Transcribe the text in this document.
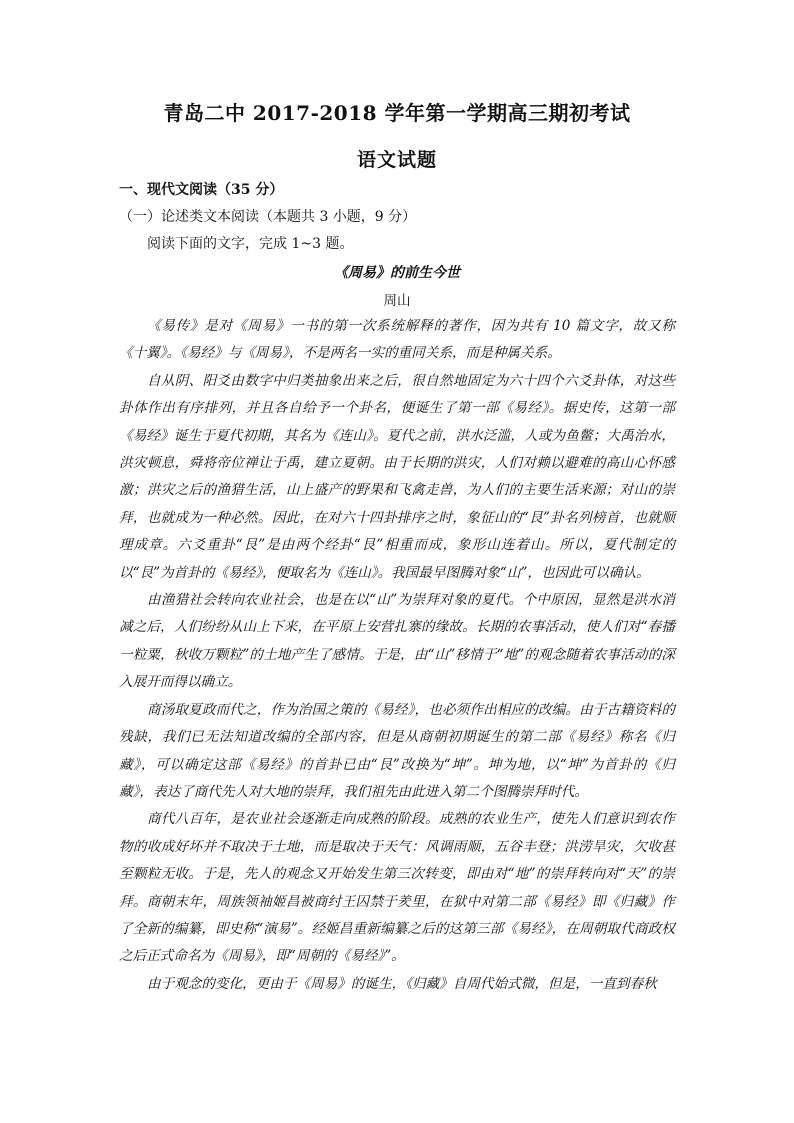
青岛二中 2017-2018 学年第一学期高三期初考试
语文试题
一、现代文阅读（35 分）
（一）论述类文本阅读（本题共 3 小题，9 分）
阅读下面的文字，完成 1~3 题。
《周易》的前生今世
周山

《易传》是对《周易》一书的第一次系统解释的著作，因为共有 10 篇文字，故又称《十翼》。《易经》与《周易》，不是两名一实的重同关系，而是种属关系。

自从阴、阳爻由数字中归类抽象出来之后，很自然地固定为六十四个六爻卦体，对这些卦体作出有序排列，并且各自给予一个卦名，便诞生了第一部《易经》。据史传，这第一部《易经》诞生于夏代初期，其名为《连山》。夏代之前，洪水泛滥，人或为鱼鳖；大禹治水，洪灾顿息，舜将帝位禅让于禹，建立夏朝。由于长期的洪灾，人们对赖以避难的高山心怀感激；洪灾之后的渔猎生活，山上盛产的野果和飞禽走兽，为人们的主要生活来源；对山的崇拜，也就成为一种必然。因此，在对六十四卦排序之时，象征山的“艮”卦名列榜首，也就顺理成章。六爻重卦“艮”是由两个经卦“艮”相重而成，象形山连着山。所以，夏代制定的以“艮”为首卦的《易经》，便取名为《连山》。我国最早图腾对象“山”，也因此可以确认。

由渔猎社会转向农业社会，也是在以“山”为崇拜对象的夏代。个中原因，显然是洪水消减之后，人们纷纷从山上下来，在平原上安营扎寨的缘故。长期的农事活动，使人们对“春播一粒粟，秋收万颗粒”的土地产生了感情。于是，由“山”移情于“地”的观念随着农事活动的深入展开而得以确立。

商汤取夏政而代之，作为治国之策的《易经》，也必须作出相应的改编。由于古籍资料的残缺，我们已无法知道改编的全部内容，但是从商朝初期诞生的第二部《易经》称名《归藏》，可以确定这部《易经》的首卦已由“艮”改换为“坤”。坤为地，以“坤”为首卦的《归藏》，表达了商代先人对大地的崇拜，我们祖先由此进入第二个图腾崇拜时代。

商代八百年，是农业社会逐渐走向成熟的阶段。成熟的农业生产，使先人们意识到农作物的收成好坏并不取决于土地，而是取决于天气：风调雨顺，五谷丰登；洪涝旱灾，欠收甚至颗粒无收。于是，先人的观念又开始发生第三次转变，即由对“地”的崇拜转向对“天”的崇拜。商朝末年，周族领袖姬昌被商纣王囚禁于羑里，在狱中对第二部《易经》即《归藏》作了全新的编纂，即史称“演易”。经姬昌重新编纂之后的这第三部《易经》，在周朝取代商政权之后正式命名为《周易》，即“周朝的《易经》”。

由于观念的变化，更由于《周易》的诞生，《归藏》自周代始式微，但是，一直到春秋
